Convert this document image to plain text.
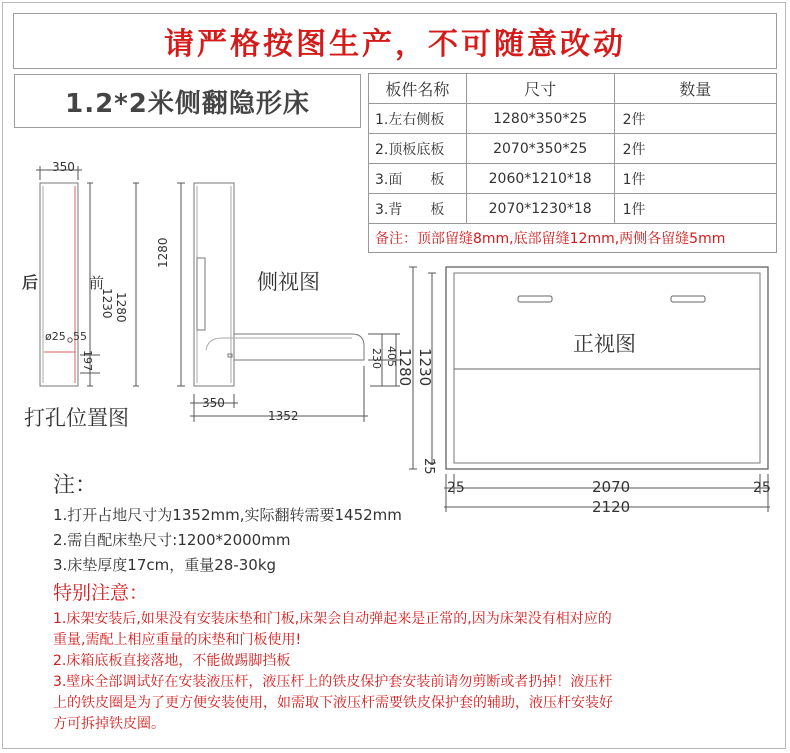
请严格按图生产，不可随意改动
1.2*2米侧翻隐形床	板件名称	尺寸	数量
1.左右侧板	1280*350*25	2件
2.顶板底板	2070*350*25	2件
3.面　　板	2060*1210*18	1件
3.背　　板	2070*1230*18	1件
备注：顶部留缝8mm,底部留缝12mm,两侧各留缝5mm		
350
后	前
1280
1230
ø25 55
197
1280
230 405
350
1352
1280 1230
25
25	2070	25
2120
侧视图
打孔位置图
正视图
注：
1.打开占地尺寸为1352mm,实际翻转需要1452mm
2.需自配床垫尺寸:1200*2000mm
3.床垫厚度17cm，重量28-30kg
特别注意：
1.床架安装后,如果没有安装床垫和门板,床架会自动弹起来是正常的,因为床架没有相对应的
重量,需配上相应重量的床垫和门板使用!
2.床箱底板直接落地，不能做踢脚挡板
3.壁床全部调试好在安装液压杆，液压杆上的铁皮保护套安装前请勿剪断或者扔掉！液压杆
上的铁皮圈是为了更方便安装使用，如需取下液压杆需要铁皮保护套的辅助，液压杆安装好
方可拆掉铁皮圈。
